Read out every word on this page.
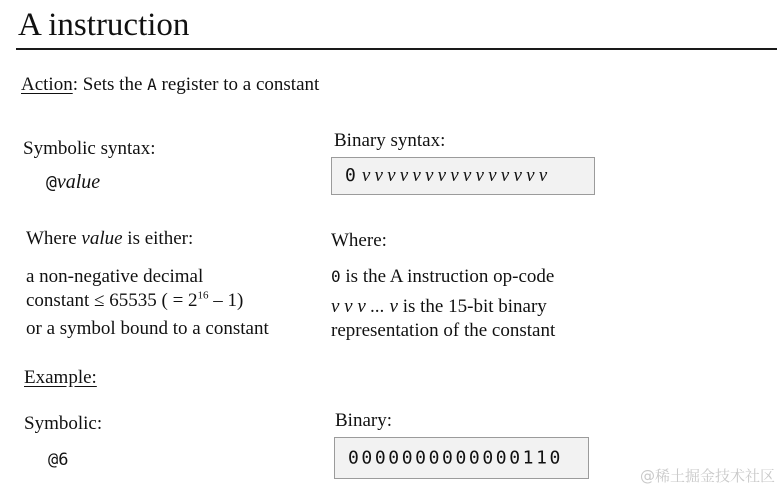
A instruction
Action: Sets the A register to a constant
Symbolic syntax:
@value
Binary syntax:
0 vvvvvvvvvvvvvvv
Where value is either:
a non-negative decimal
constant ≤ 65535 ( = $2^{16} - 1$)
or a symbol bound to a constant
Where:
0 is the A instruction op-code
v v v ... v is the 15-bit binary
representation of the constant
Example:
Symbolic:
@6
Binary:
0000000000000110
@稀土掘金技术社区
